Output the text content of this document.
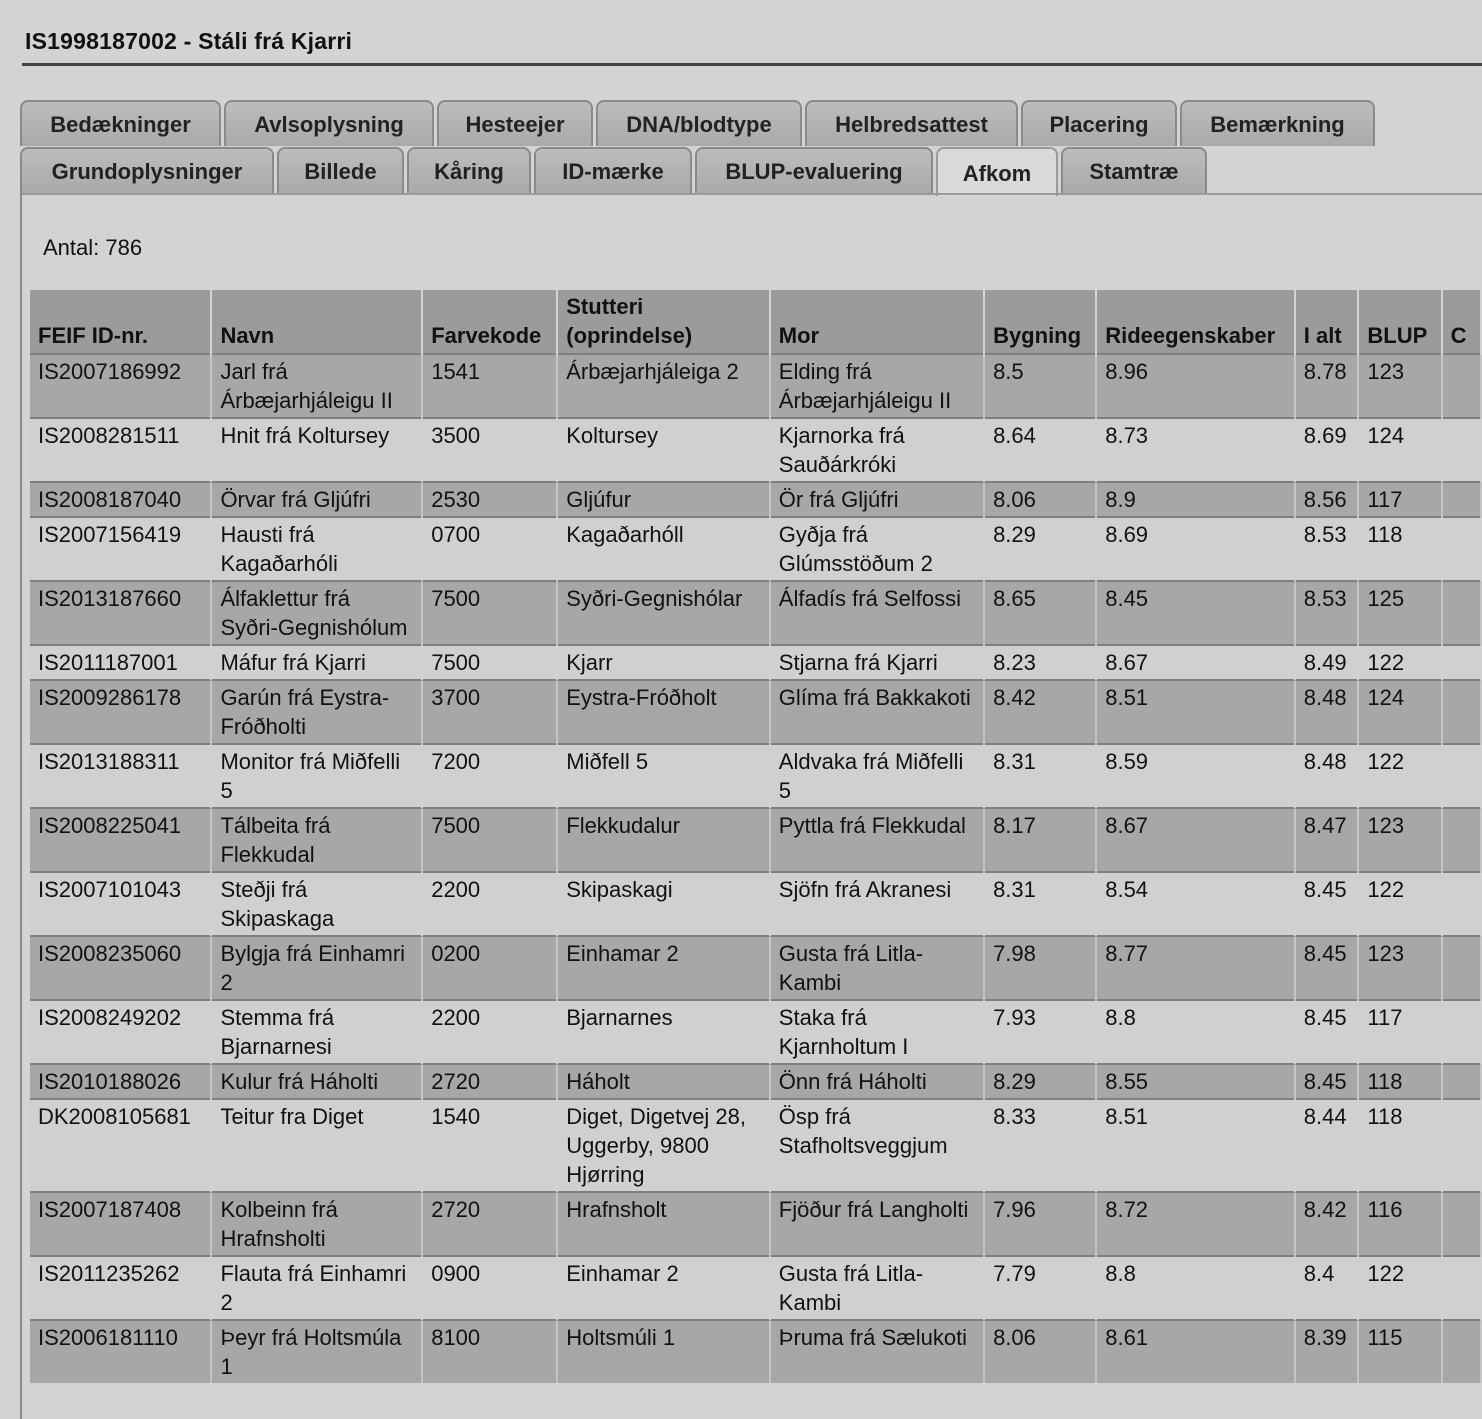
IS1998187002 - Stáli frá Kjarri
Bedækninger	Avlsoplysning	Hesteejer	DNA/blodtype	Helbredsattest	Placering	Bemærkning
Grundoplysninger	Billede	Kåring	ID-mærke	BLUP-evaluering	Afkom	Stamtræ
Antal: 786
FEIF ID-nr.	Navn	Farvekode	Stutteri (oprindelse)	Mor	Bygning	Rideegenskaber	I alt	BLUP	C
IS2007186992	Jarl frá Árbæjarhjáleigu II	1541	Árbæjarhjáleiga 2	Elding frá Árbæjarhjáleigu II	8.5	8.96	8.78	123	
IS2008281511	Hnit frá Koltursey	3500	Koltursey	Kjarnorka frá Sauðárkróki	8.64	8.73	8.69	124	
IS2008187040	Örvar frá Gljúfri	2530	Gljúfur	Ör frá Gljúfri	8.06	8.9	8.56	117	
IS2007156419	Hausti frá Kagaðarhóli	0700	Kagaðarhóll	Gyðja frá Glúmsstöðum 2	8.29	8.69	8.53	118	
IS2013187660	Álfaklettur frá Syðri-Gegnishólum	7500	Syðri-Gegnishólar	Álfadís frá Selfossi	8.65	8.45	8.53	125	
IS2011187001	Máfur frá Kjarri	7500	Kjarr	Stjarna frá Kjarri	8.23	8.67	8.49	122	
IS2009286178	Garún frá Eystra-Fróðholti	3700	Eystra-Fróðholt	Glíma frá Bakkakoti	8.42	8.51	8.48	124	
IS2013188311	Monitor frá Miðfelli 5	7200	Miðfell 5	Aldvaka frá Miðfelli 5	8.31	8.59	8.48	122	
IS2008225041	Tálbeita frá Flekkudal	7500	Flekkudalur	Pyttla frá Flekkudal	8.17	8.67	8.47	123	
IS2007101043	Steðji frá Skipaskaga	2200	Skipaskagi	Sjöfn frá Akranesi	8.31	8.54	8.45	122	
IS2008235060	Bylgja frá Einhamri 2	0200	Einhamar 2	Gusta frá Litla-Kambi	7.98	8.77	8.45	123	
IS2008249202	Stemma frá Bjarnarnesi	2200	Bjarnarnes	Staka frá Kjarnholtum I	7.93	8.8	8.45	117	
IS2010188026	Kulur frá Háholti	2720	Háholt	Önn frá Háholti	8.29	8.55	8.45	118	
DK2008105681	Teitur fra Diget	1540	Diget, Digetvej 28, Uggerby, 9800 Hjørring	Ösp frá Stafholtsveggjum	8.33	8.51	8.44	118	
IS2007187408	Kolbeinn frá Hrafnsholti	2720	Hrafnsholt	Fjöður frá Langholti	7.96	8.72	8.42	116	
IS2011235262	Flauta frá Einhamri 2	0900	Einhamar 2	Gusta frá Litla-Kambi	7.79	8.8	8.4	122	
IS2006181110	Þeyr frá Holtsmúla 1	8100	Holtsmúli 1	Þruma frá Sælukoti	8.06	8.61	8.39	115	
